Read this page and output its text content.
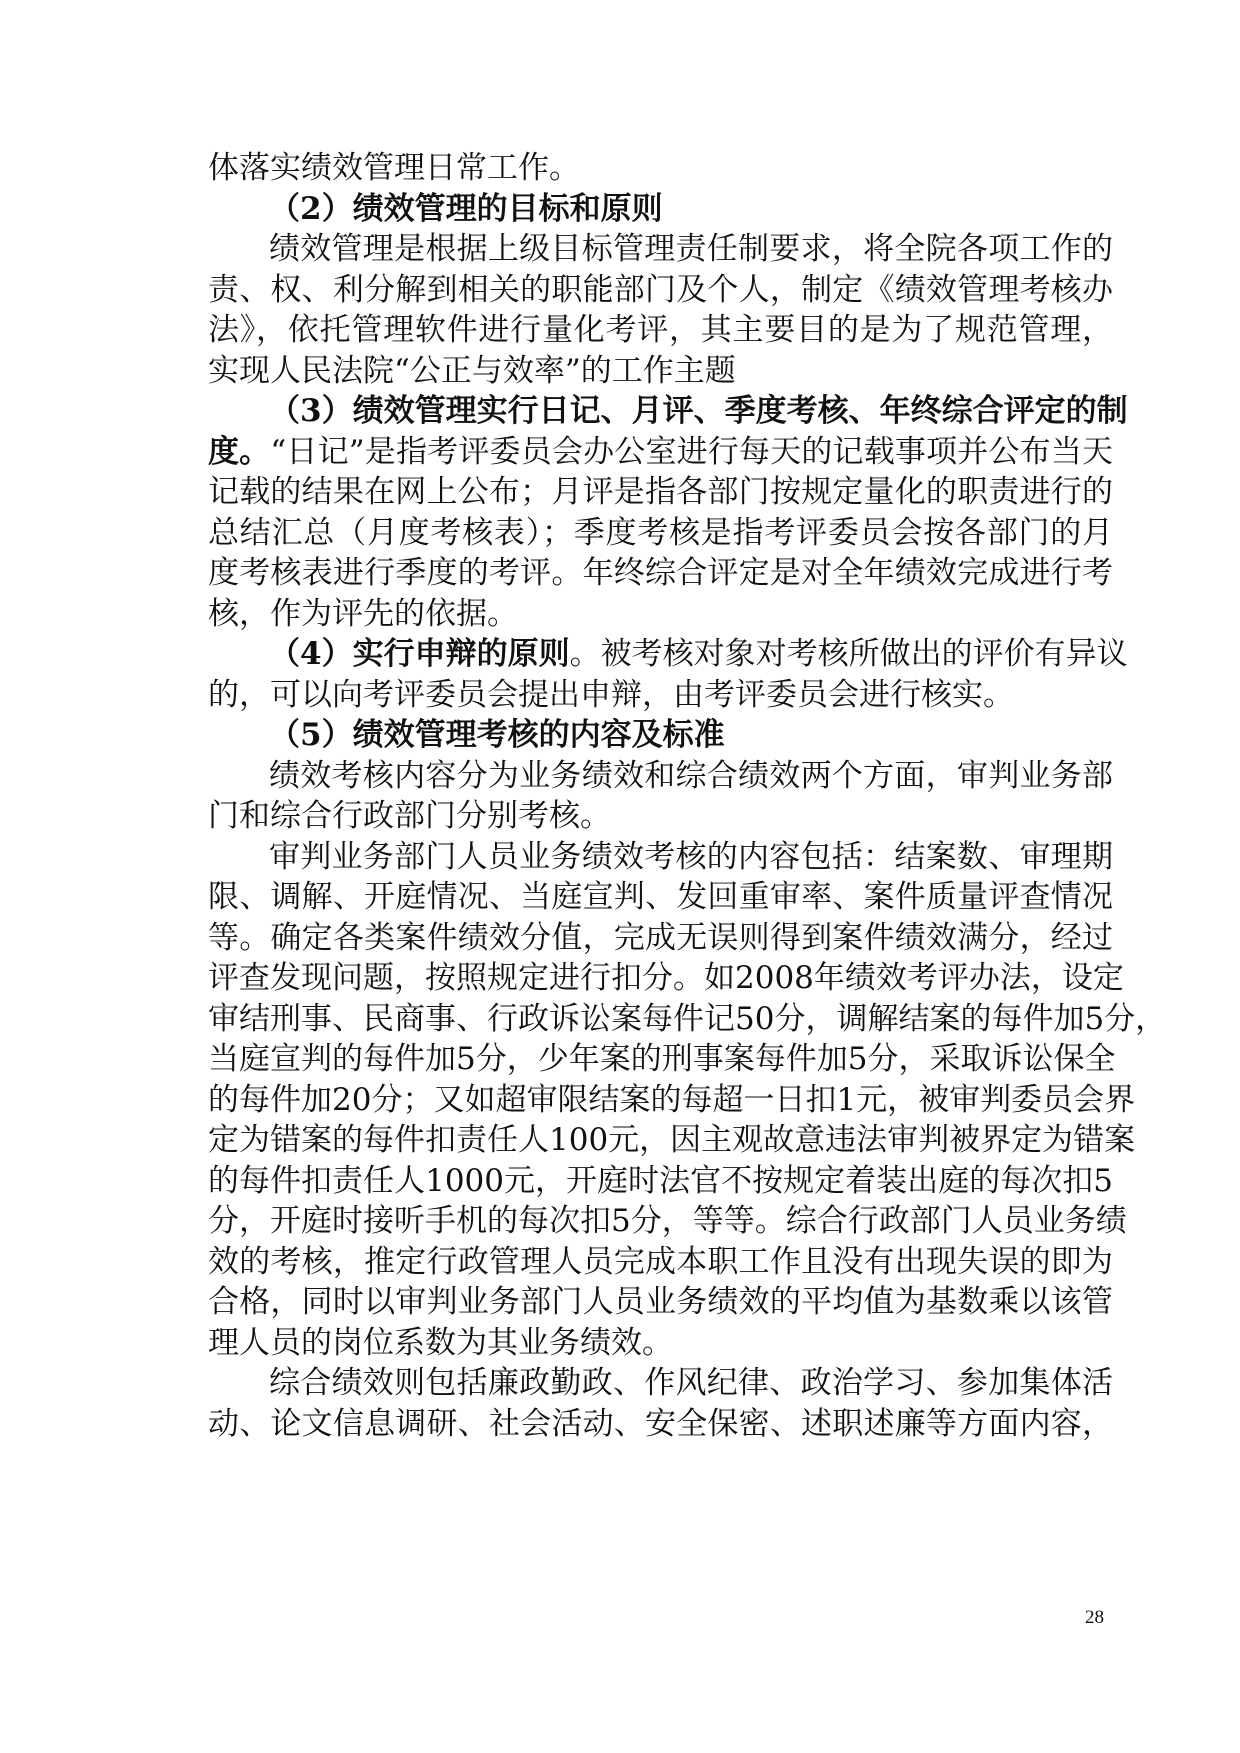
体落实绩效管理日常工作。
（2）绩效管理的目标和原则
绩效管理是根据上级目标管理责任制要求，将全院各项工作的
责、权、利分解到相关的职能部门及个人，制定《绩效管理考核办
法》，依托管理软件进行量化考评，其主要目的是为了规范管理，
实现人民法院“公正与效率”的工作主题
（3）绩效管理实行日记、月评、季度考核、年终综合评定的制
度。“日记”是指考评委员会办公室进行每天的记载事项并公布当天
记载的结果在网上公布；月评是指各部门按规定量化的职责进行的
总结汇总（月度考核表）；季度考核是指考评委员会按各部门的月
度考核表进行季度的考评。年终综合评定是对全年绩效完成进行考
核，作为评先的依据。
（4）实行申辩的原则。被考核对象对考核所做出的评价有异议
的，可以向考评委员会提出申辩，由考评委员会进行核实。
（5）绩效管理考核的内容及标准
绩效考核内容分为业务绩效和综合绩效两个方面，审判业务部
门和综合行政部门分别考核。
审判业务部门人员业务绩效考核的内容包括：结案数、审理期
限、调解、开庭情况、当庭宣判、发回重审率、案件质量评查情况
等。确定各类案件绩效分值，完成无误则得到案件绩效满分，经过
评查发现问题，按照规定进行扣分。如2008年绩效考评办法，设定
审结刑事、民商事、行政诉讼案每件记50分，调解结案的每件加5分，
当庭宣判的每件加5分，少年案的刑事案每件加5分，采取诉讼保全
的每件加20分；又如超审限结案的每超一日扣1元，被审判委员会界
定为错案的每件扣责任人100元，因主观故意违法审判被界定为错案
的每件扣责任人1000元，开庭时法官不按规定着装出庭的每次扣5
分，开庭时接听手机的每次扣5分，等等。综合行政部门人员业务绩
效的考核，推定行政管理人员完成本职工作且没有出现失误的即为
合格，同时以审判业务部门人员业务绩效的平均值为基数乘以该管
理人员的岗位系数为其业务绩效。
综合绩效则包括廉政勤政、作风纪律、政治学习、参加集体活
动、论文信息调研、社会活动、安全保密、述职述廉等方面内容，
28
